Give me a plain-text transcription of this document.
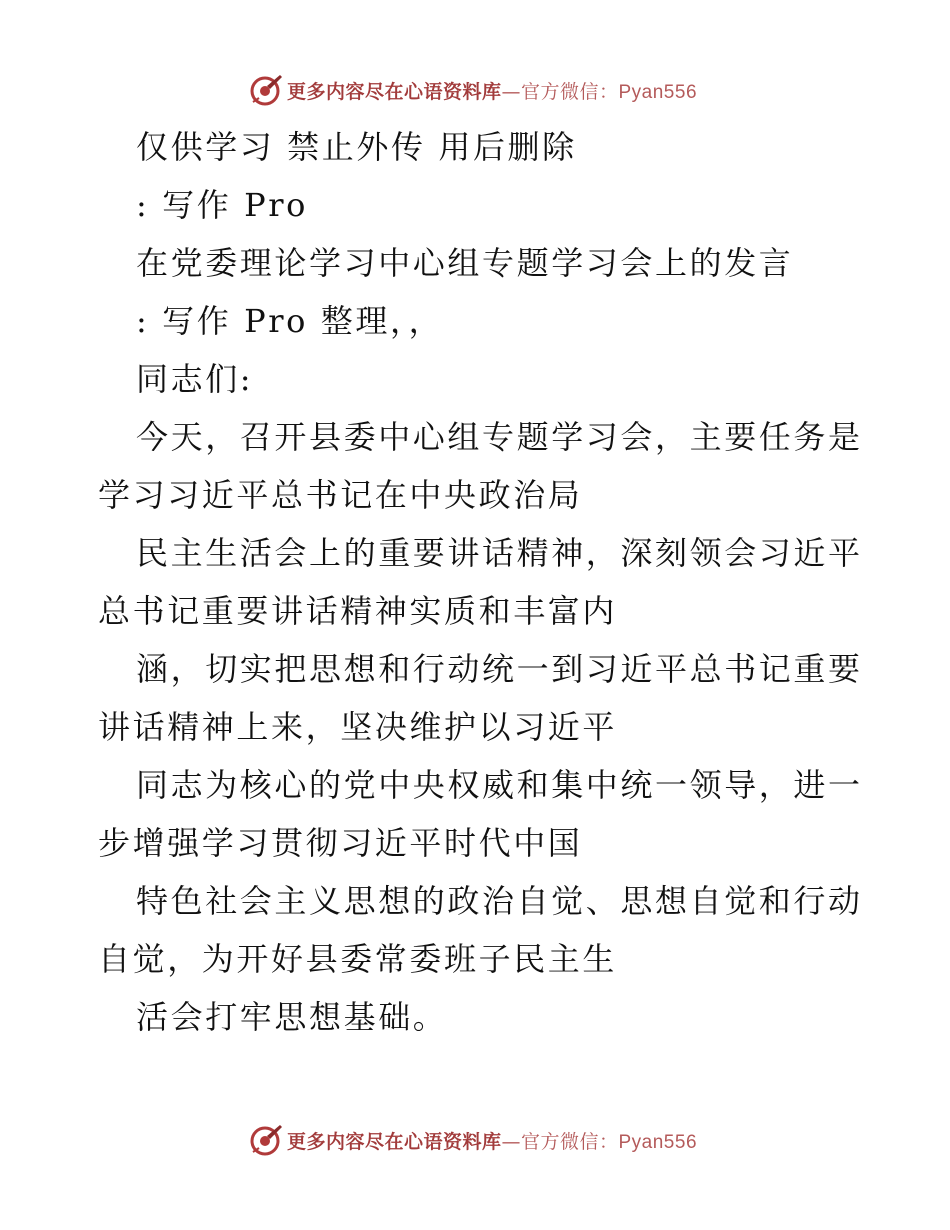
更多内容尽在心语资料库—官方微信：Pyan556
仅供学习 禁止外传 用后删除
: 写作 Pro
在党委理论学习中心组专题学习会上的发言
: 写作 Pro 整理，，
同志们:
今天，召开县委中心组专题学习会，主要任务是
学习习近平总书记在中央政治局
民主生活会上的重要讲话精神，深刻领会习近平
总书记重要讲话精神实质和丰富内
涵，切实把思想和行动统一到习近平总书记重要
讲话精神上来，坚决维护以习近平
同志为核心的党中央权威和集中统一领导，进一
步增强学习贯彻习近平时代中国
特色社会主义思想的政治自觉、思想自觉和行动
自觉，为开好县委常委班子民主生
活会打牢思想基础。
更多内容尽在心语资料库—官方微信：Pyan556
